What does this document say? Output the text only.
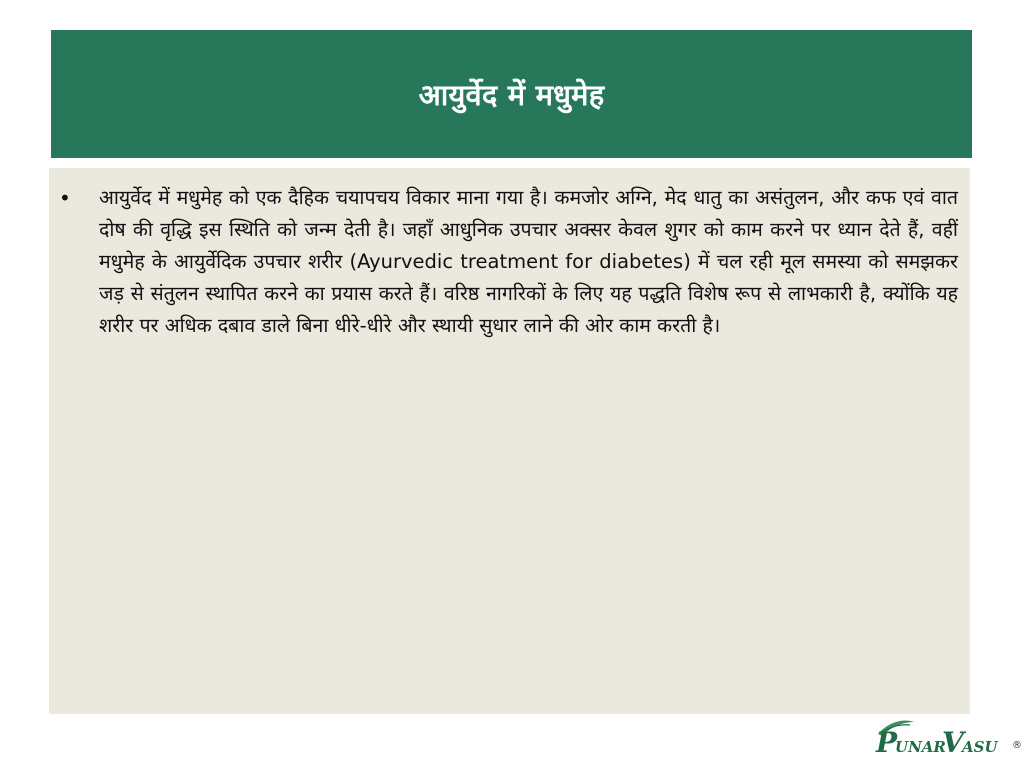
आयुर्वेद में मधुमेह
•	आयुर्वेद में मधुमेह को एक दैहिक चयापचय विकार माना गया है। कमजोर अग्नि, मेद धातु का असंतुलन, और कफ एवं वात दोष की वृद्धि इस स्थिति को जन्म देती है। जहाँ आधुनिक उपचार अक्सर केवल शुगर को काम करने पर ध्यान देते हैं, वहीं मधुमेह के आयुर्वेदिक उपचार शरीर (Ayurvedic treatment for diabetes) में चल रही मूल समस्या को समझकर जड़ से संतुलन स्थापित करने का प्रयास करते हैं। वरिष्ठ नागरिकों के लिए यह पद्धति विशेष रूप से लाभकारी है, क्योंकि यह शरीर पर अधिक दबाव डाले बिना धीरे-धीरे और स्थायी सुधार लाने की ओर काम करती है।
P
UNAR
V
ASU ®
